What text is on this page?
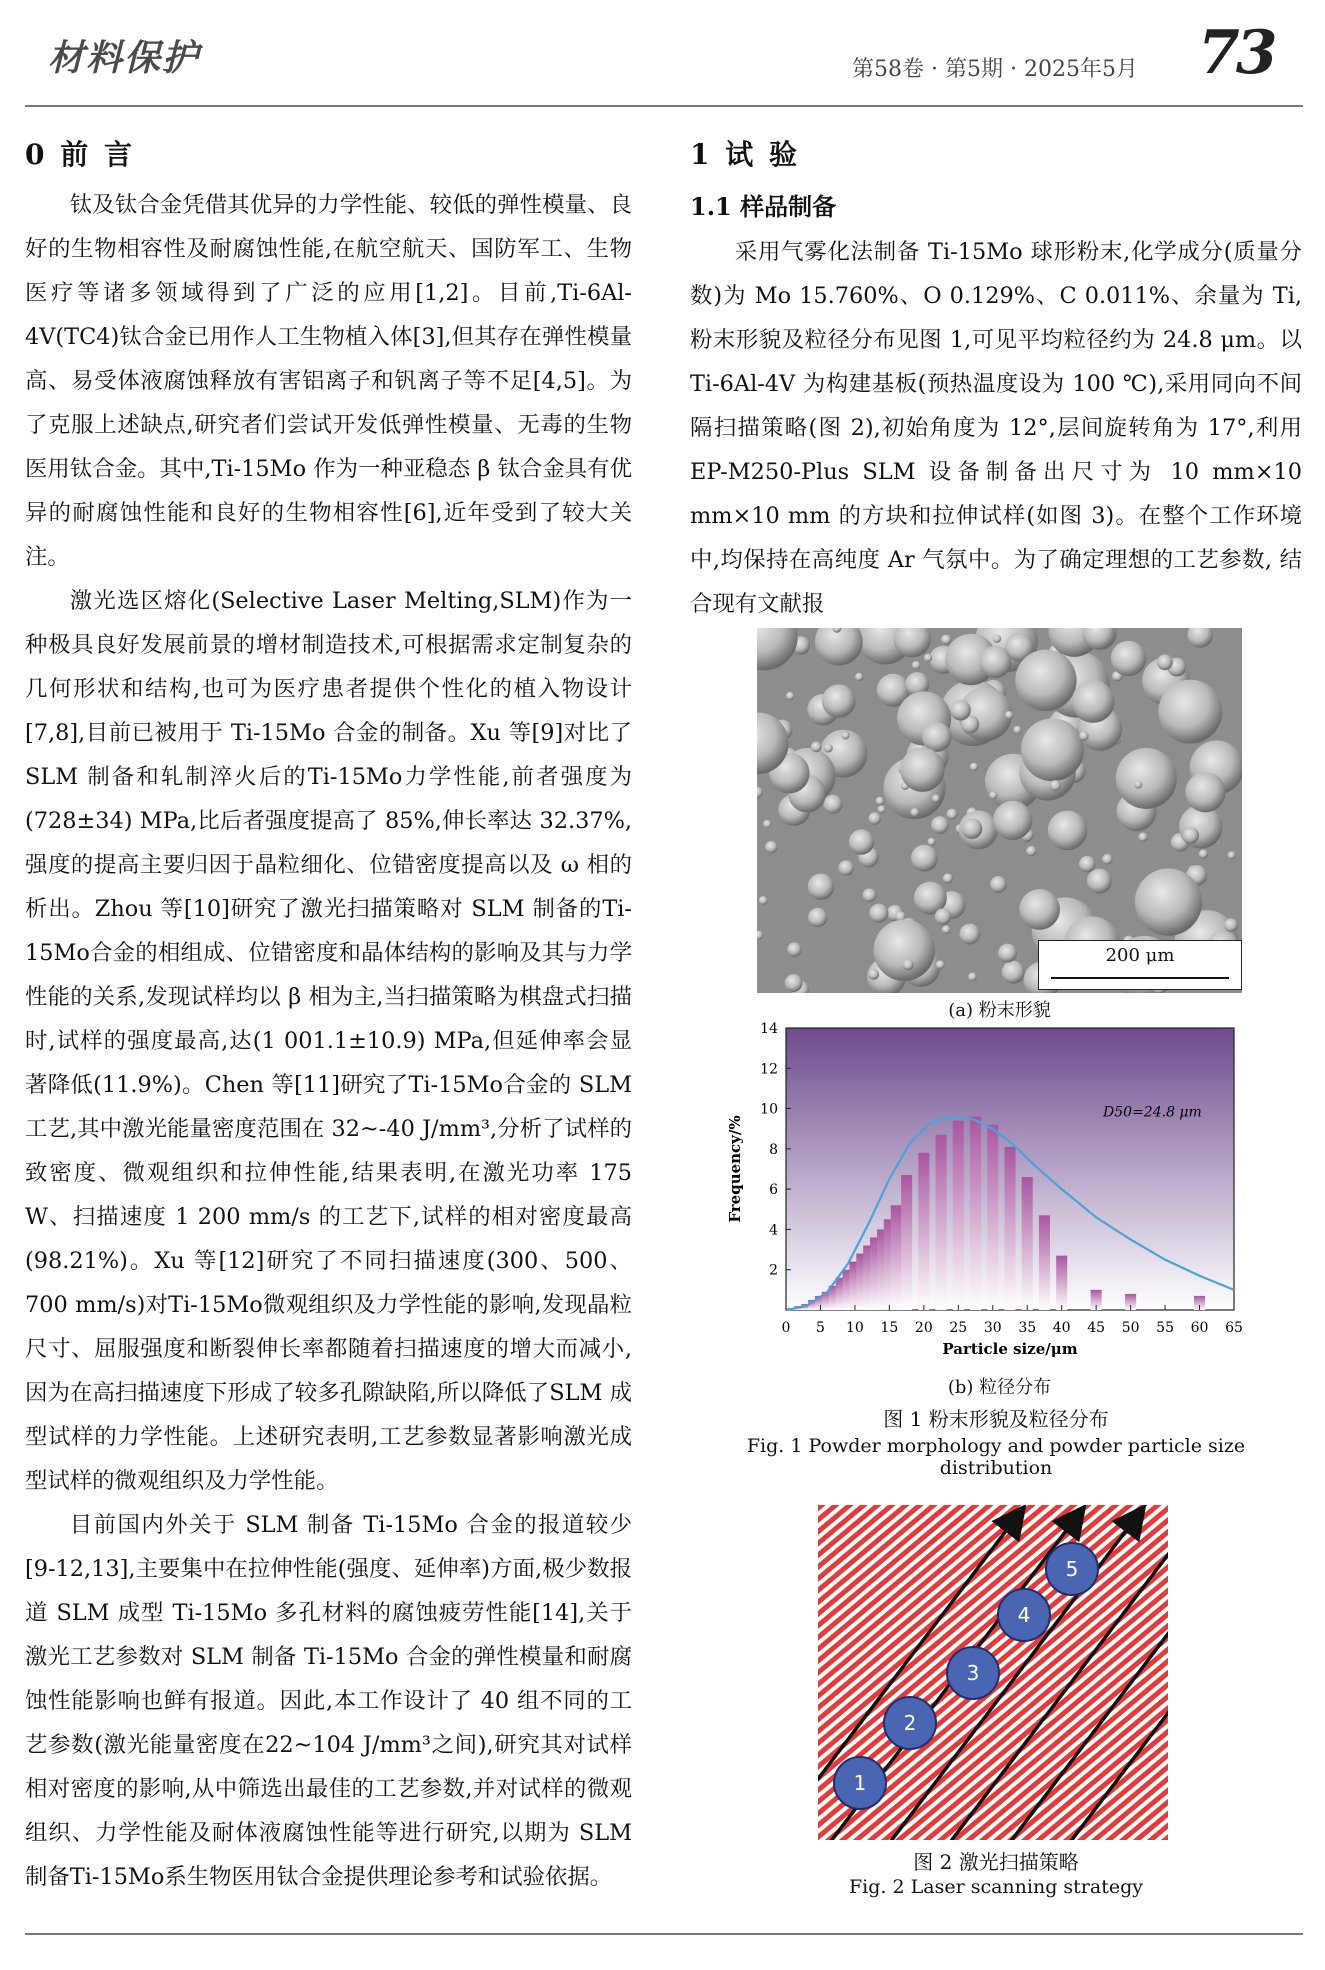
材料保护	第58卷 · 第5期 · 2025年5月 73
0 前 言

钛及钛合金凭借其优异的力学性能、较低的弹性模量、良好的生物相容性及耐腐蚀性能,在航空航天、国防军工、生物医疗等诸多领域得到了广泛的应用[1,2]。目前,Ti-6Al-4V(TC4)钛合金已用作人工生物植入体[3],但其存在弹性模量高、易受体液腐蚀释放有害铝离子和钒离子等不足[4,5]。为了克服上述缺点,研究者们尝试开发低弹性模量、无毒的生物医用钛合金。其中,Ti-15Mo 作为一种亚稳态 β 钛合金具有优异的耐腐蚀性能和良好的生物相容性[6],近年受到了较大关注。

激光选区熔化(Selective Laser Melting,SLM)作为一种极具良好发展前景的增材制造技术,可根据需求定制复杂的几何形状和结构,也可为医疗患者提供个性化的植入物设计[7,8],目前已被用于 Ti-15Mo 合金的制备。Xu 等[9]对比了 SLM 制备和轧制淬火后的Ti-15Mo力学性能,前者强度为(728±34) MPa,比后者强度提高了 85%,伸长率达 32.37%,强度的提高主要归因于晶粒细化、位错密度提高以及 ω 相的析出。Zhou 等[10]研究了激光扫描策略对 SLM 制备的Ti-15Mo合金的相组成、位错密度和晶体结构的影响及其与力学性能的关系,发现试样均以 β 相为主,当扫描策略为棋盘式扫描时,试样的强度最高,达(1 001.1±10.9) MPa,但延伸率会显著降低(11.9%)。Chen 等[11]研究了Ti-15Mo合金的 SLM 工艺,其中激光能量密度范围在 32~-40 J/mm³,分析了试样的致密度、微观组织和拉伸性能,结果表明,在激光功率 175 W、扫描速度 1 200 mm/s 的工艺下,试样的相对密度最高(98.21%)。Xu 等[12]研究了不同扫描速度(300、500、700 mm/s)对Ti-15Mo微观组织及力学性能的影响,发现晶粒尺寸、屈服强度和断裂伸长率都随着扫描速度的增大而减小,因为在高扫描速度下形成了较多孔隙缺陷,所以降低了SLM 成型试样的力学性能。上述研究表明,工艺参数显著影响激光成型试样的微观组织及力学性能。

目前国内外关于 SLM 制备 Ti-15Mo 合金的报道较少[9-12,13],主要集中在拉伸性能(强度、延伸率)方面,极少数报道 SLM 成型 Ti-15Mo 多孔材料的腐蚀疲劳性能[14],关于激光工艺参数对 SLM 制备 Ti-15Mo 合金的弹性模量和耐腐蚀性能影响也鲜有报道。因此,本工作设计了 40 组不同的工艺参数(激光能量密度在22~104 J/mm³之间),研究其对试样相对密度的影响,从中筛选出最佳的工艺参数,并对试样的微观组织、力学性能及耐体液腐蚀性能等进行研究,以期为 SLM 制备Ti-15Mo系生物医用钛合金提供理论参考和试验依据。

1 试 验
1.1 样品制备

采用气雾化法制备 Ti-15Mo 球形粉末,化学成分(质量分数)为 Mo 15.760%、O 0.129%、C 0.011%、余量为 Ti,粉末形貌及粒径分布见图 1,可见平均粒径约为 24.8 μm。以 Ti-6Al-4V 为构建基板(预热温度设为 100 ℃),采用同向不间隔扫描策略(图 2),初始角度为 12°,层间旋转角为 17°,利用 EP-M250-Plus SLM 设备制备出尺寸为 10 mm×10 mm×10 mm 的方块和拉伸试样(如图 3)。在整个工作环境中,均保持在高纯度 Ar 气氛中。为了确定理想的工艺参数, 结合现有文献报

200 μm
(a) 粉末形貌
0 5 10 15 20 25 30 35 40 45 50 55 60 65
2
4
6
8
10
12
14
Particle size/μm
Frequency/%
D50=24.8 μm
(b) 粒径分布
图 1 粉末形貌及粒径分布
Fig. 1 Powder morphology and powder particle size distribution
1
2
3
4
5
图 2 激光扫描策略
Fig. 2 Laser scanning strategy
